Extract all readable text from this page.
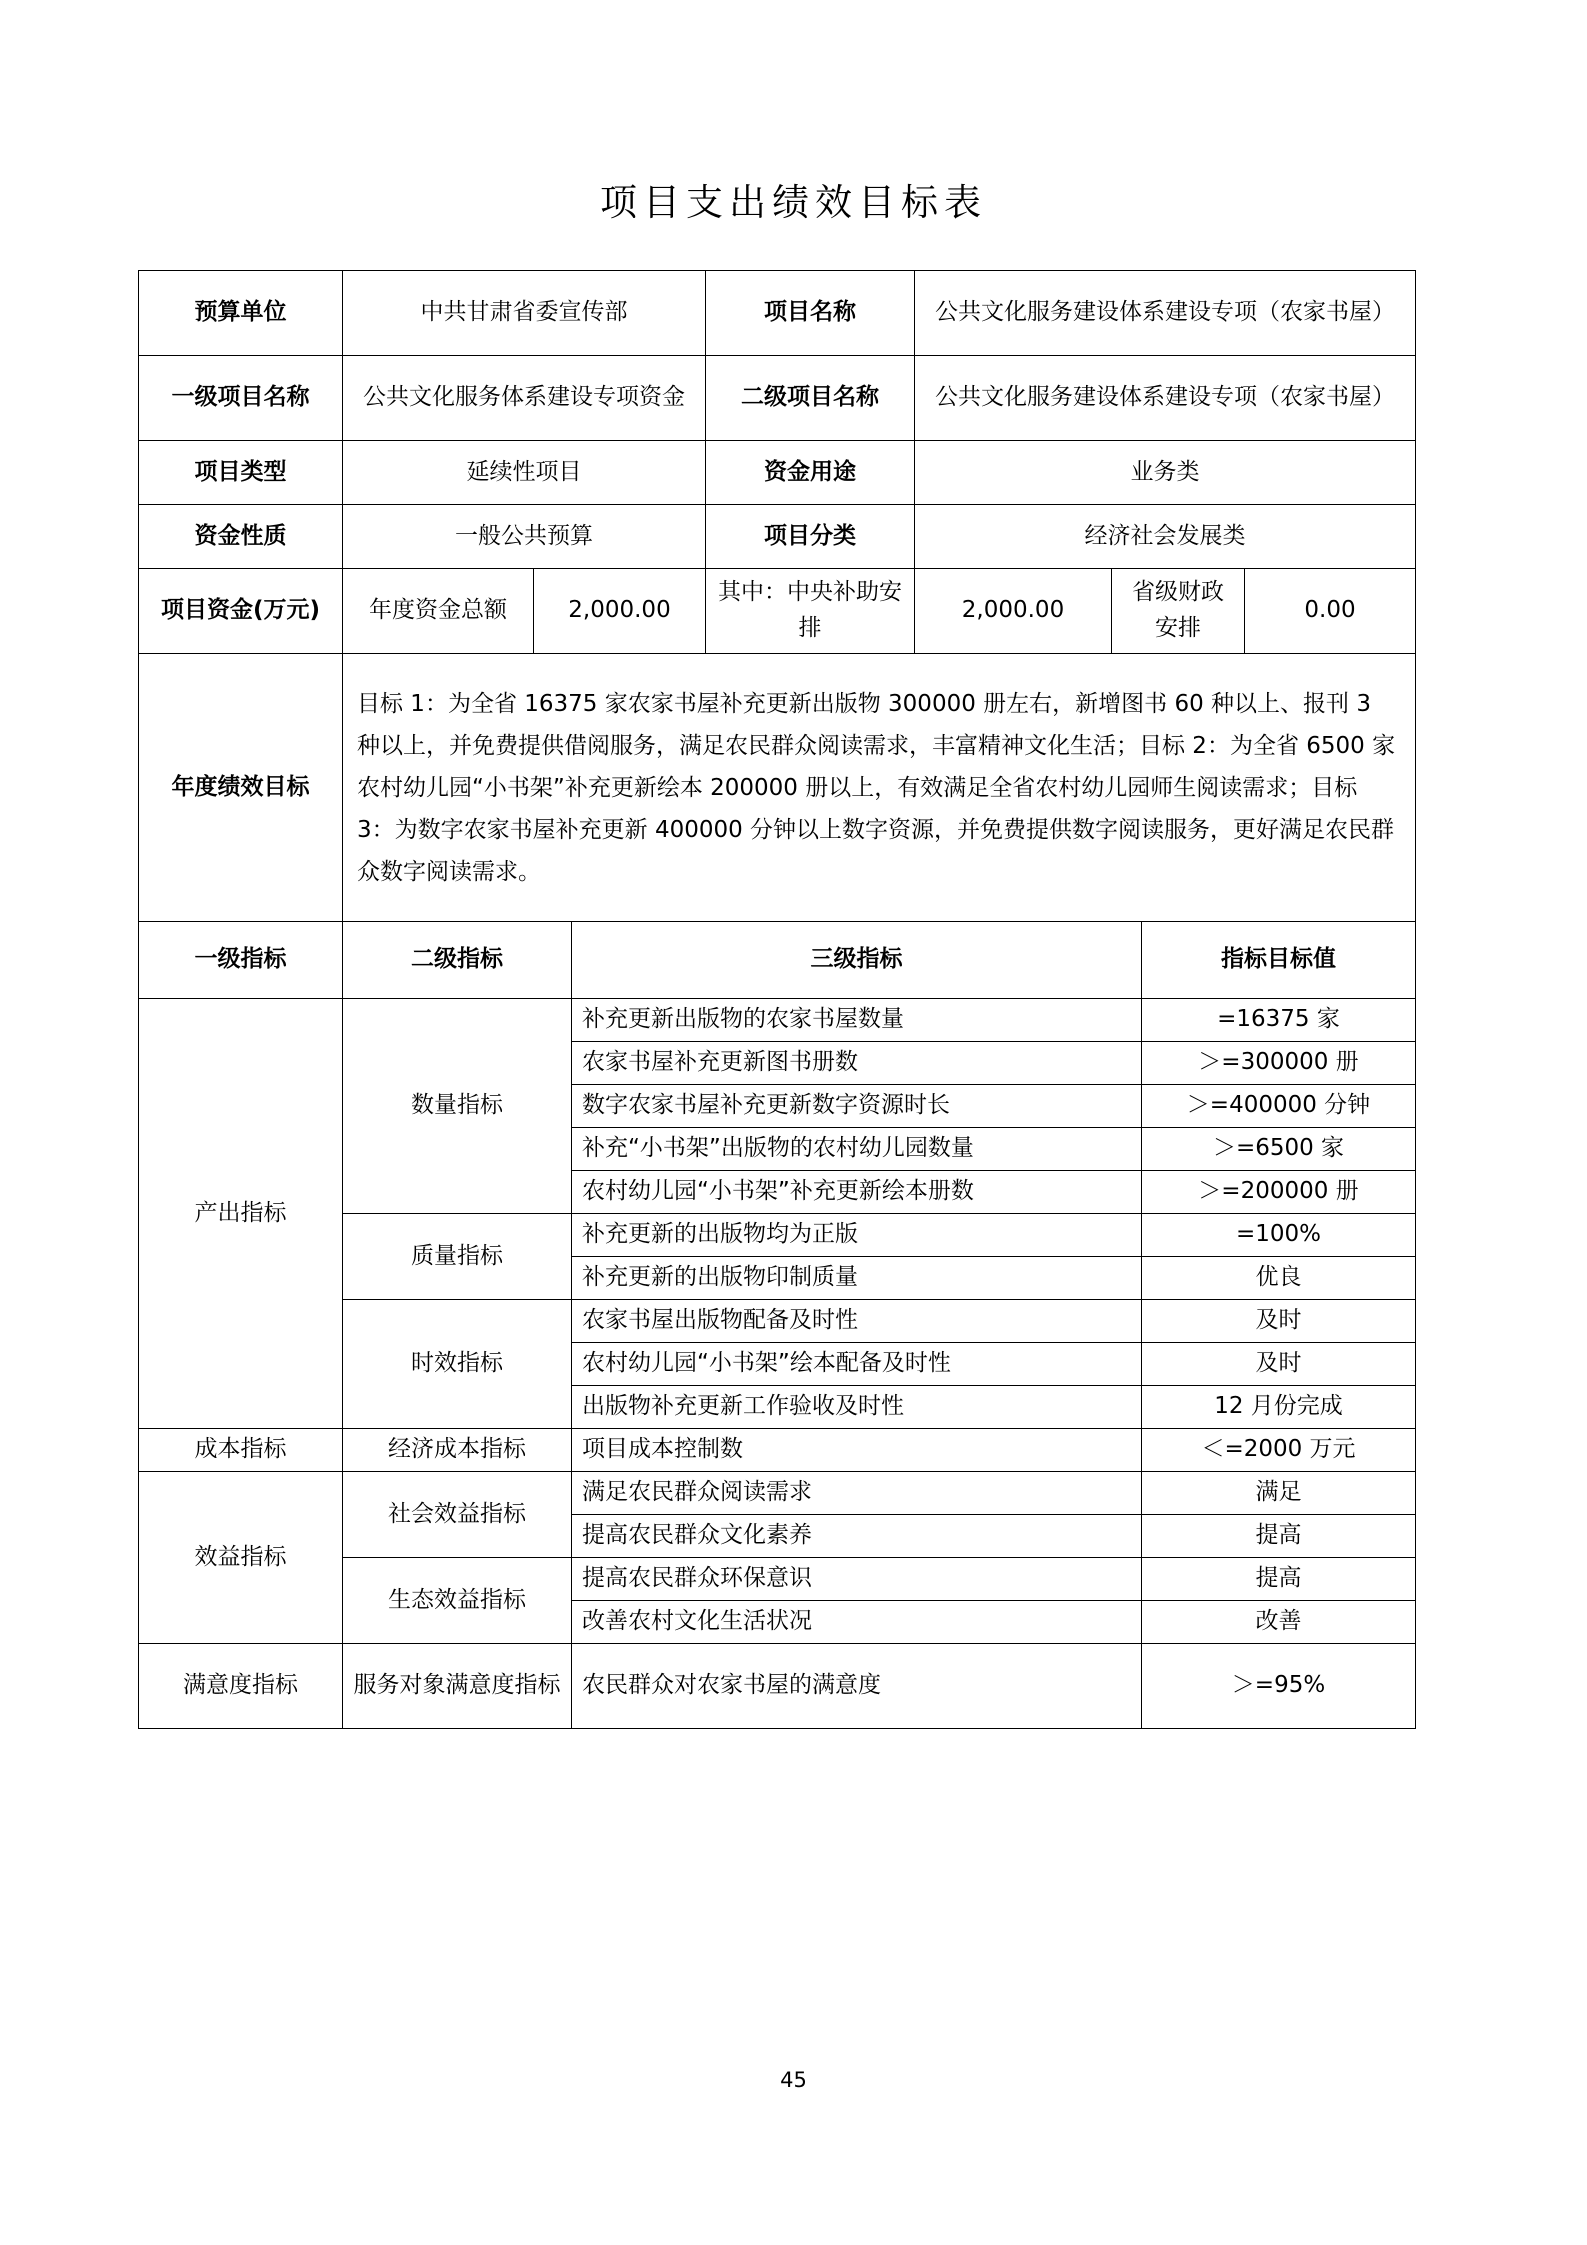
项目支出绩效目标表
预算单位	中共甘肃省委宣传部		项目名称	公共文化服务建设体系建设专项（农家书屋）		
一级项目名称	公共文化服务体系建设专项资金		二级项目名称	公共文化服务建设体系建设专项（农家书屋）		
项目类型	延续性项目		资金用途	业务类		
资金性质	一般公共预算		项目分类	经济社会发展类		
项目资金(万元)	年度资金总额	2,000.00	其中：中央补助安排	2,000.00	省级财政安排	0.00
年度绩效目标	目标 1：为全省 16375 家农家书屋补充更新出版物 300000 册左右，新增图书 60 种以上、报刊 3 种以上，并免费提供借阅服务，满足农民群众阅读需求，丰富精神文化生活；目标 2：为全省 6500 家农村幼儿园“小书架”补充更新绘本 200000 册以上，有效满足全省农村幼儿园师生阅读需求；目标 3：为数字农家书屋补充更新 400000 分钟以上数字资源，并免费提供数字阅读服务，更好满足农民群众数字阅读需求。					
一级指标	二级指标	三级指标	指标目标值
产出指标	数量指标	补充更新出版物的农家书屋数量	=16375 家
		农家书屋补充更新图书册数	＞=300000 册
		数字农家书屋补充更新数字资源时长	＞=400000 分钟
		补充“小书架”出版物的农村幼儿园数量	＞=6500 家
		农村幼儿园“小书架”补充更新绘本册数	＞=200000 册
	质量指标	补充更新的出版物均为正版	=100%
		补充更新的出版物印制质量	优良
	时效指标	农家书屋出版物配备及时性	及时
		农村幼儿园“小书架”绘本配备及时性	及时
		出版物补充更新工作验收及时性	12 月份完成
成本指标	经济成本指标	项目成本控制数	＜=2000 万元
效益指标	社会效益指标	满足农民群众阅读需求	满足
		提高农民群众文化素养	提高
	生态效益指标	提高农民群众环保意识	提高
		改善农村文化生活状况	改善
满意度指标	服务对象满意度指标	农民群众对农家书屋的满意度	＞=95%
45
